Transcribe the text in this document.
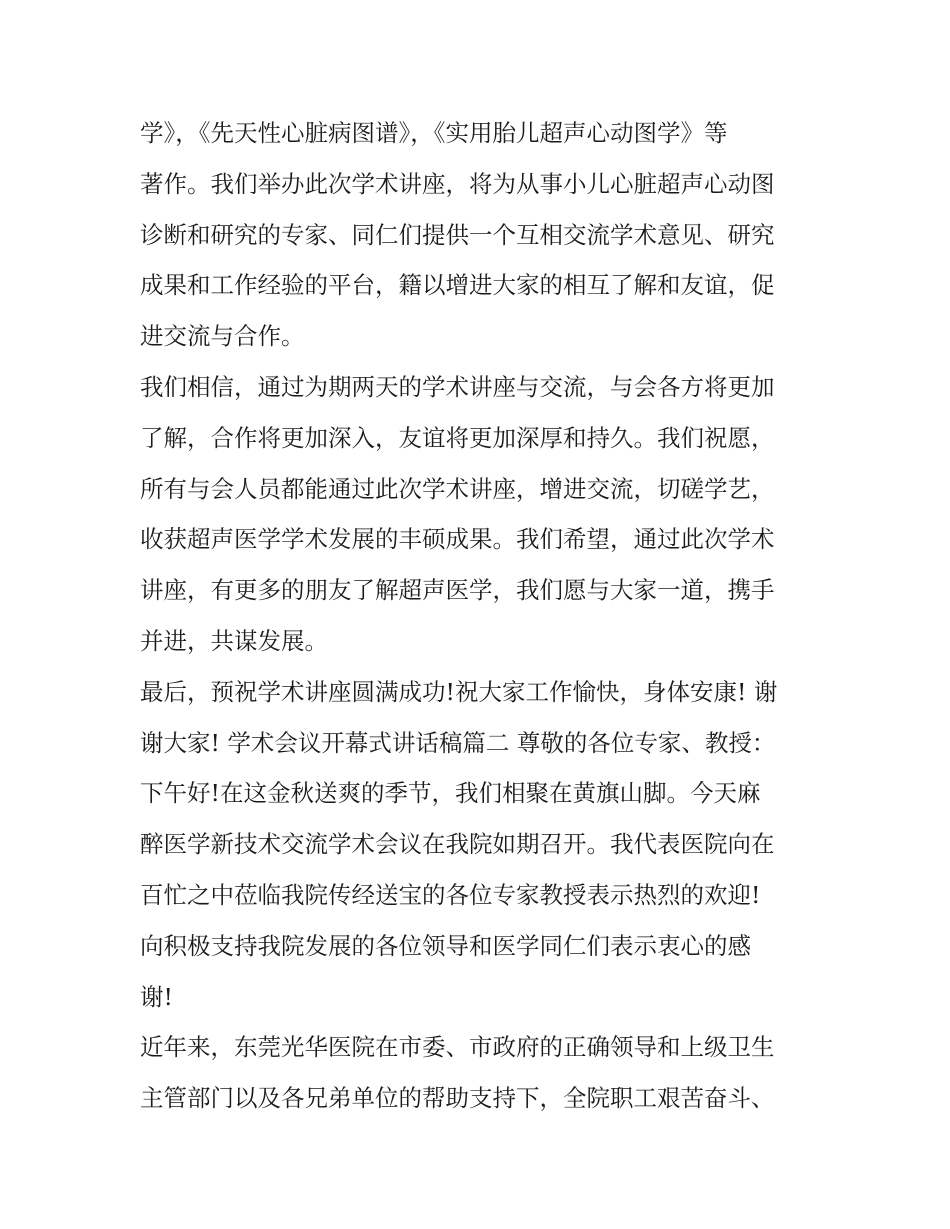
学》，《先天性心脏病图谱》，《实用胎儿超声心动图学》等
著作。我们举办此次学术讲座，将为从事小儿心脏超声心动图
诊断和研究的专家、同仁们提供一个互相交流学术意见、研究
成果和工作经验的平台，籍以增进大家的相互了解和友谊，促
进交流与合作。
我们相信，通过为期两天的学术讲座与交流，与会各方将更加
了解，合作将更加深入，友谊将更加深厚和持久。我们祝愿，
所有与会人员都能通过此次学术讲座，增进交流，切磋学艺，
收获超声医学学术发展的丰硕成果。我们希望，通过此次学术
讲座，有更多的朋友了解超声医学，我们愿与大家一道，携手
并进，共谋发展。
最后，预祝学术讲座圆满成功!祝大家工作愉快，身体安康! 谢
谢大家! 学术会议开幕式讲话稿篇二 尊敬的各位专家、教授：
下午好!在这金秋送爽的季节，我们相聚在黄旗山脚。今天麻
醉医学新技术交流学术会议在我院如期召开。我代表医院向在
百忙之中莅临我院传经送宝的各位专家教授表示热烈的欢迎!
向积极支持我院发展的各位领导和医学同仁们表示衷心的感
谢!
近年来，东莞光华医院在市委、市政府的正确领导和上级卫生
主管部门以及各兄弟单位的帮助支持下，全院职工艰苦奋斗、
